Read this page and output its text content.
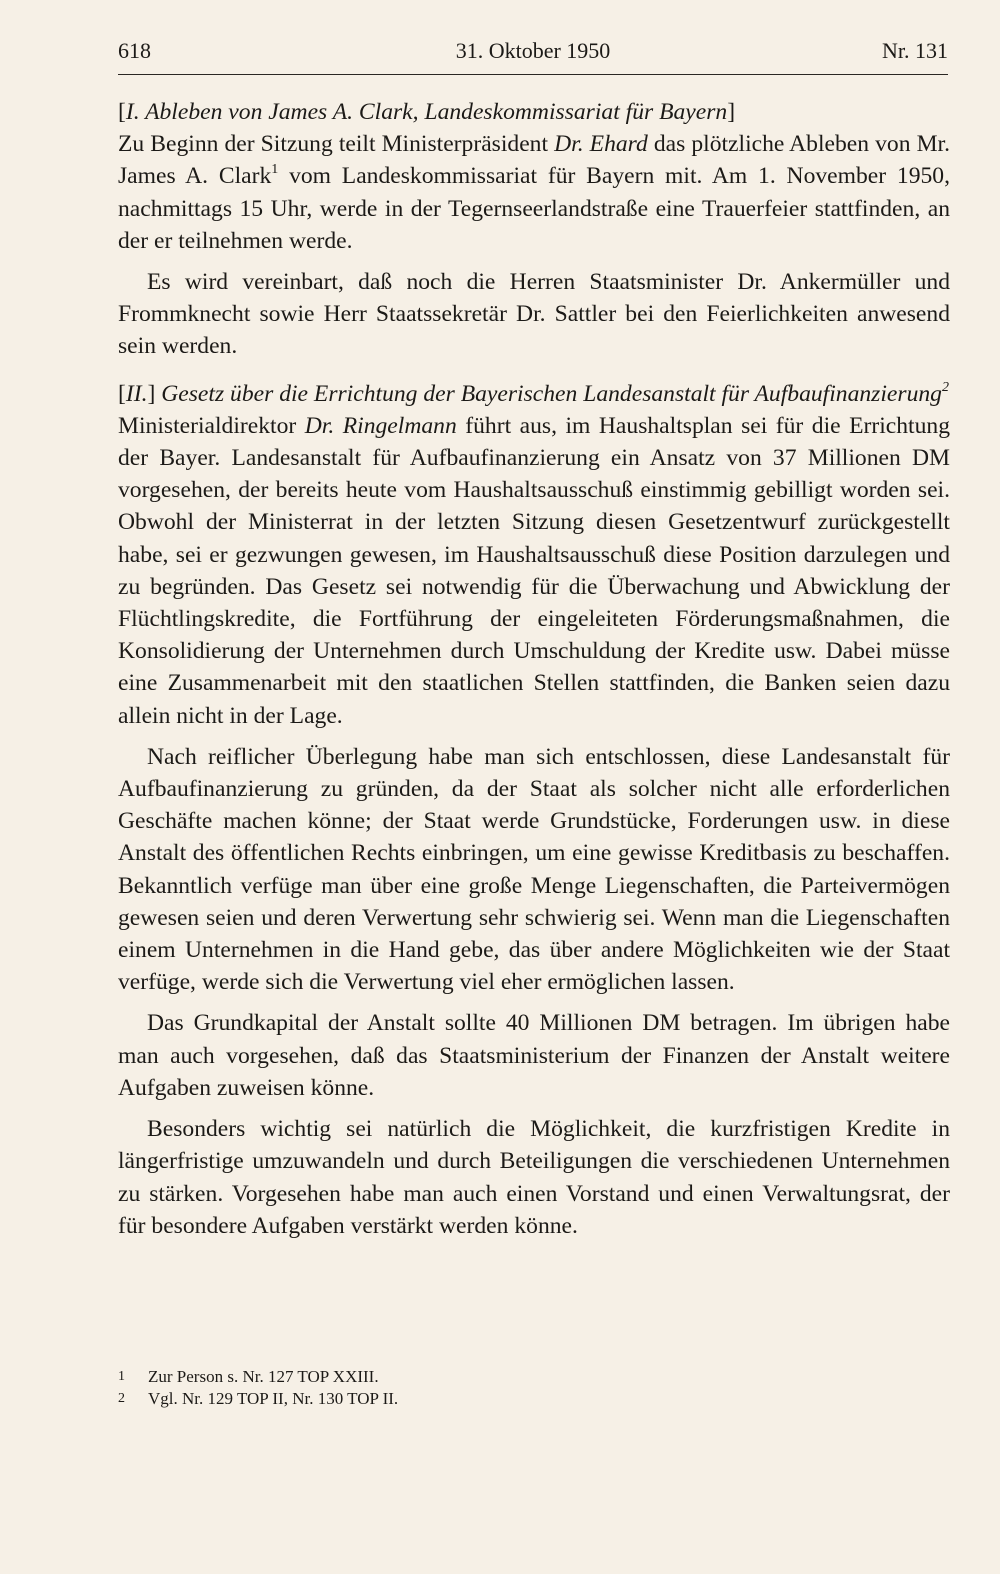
618	31. Oktober 1950	Nr. 131

[I. Ableben von James A. Clark, Landeskommissariat für Bayern]

Zu Beginn der Sitzung teilt Ministerpräsident Dr. Ehard das plötzliche Ableben von Mr. James A. Clark$^1$ vom Landeskommissariat für Bayern mit. Am 1. November 1950, nachmittags 15 Uhr, werde in der Tegernseerlandstraße eine Trauerfeier stattfinden, an der er teilnehmen werde.

Es wird vereinbart, daß noch die Herren Staatsminister Dr. Ankermüller und Frommknecht sowie Herr Staatssekretär Dr. Sattler bei den Feierlichkeiten anwesend sein werden.

[II.] Gesetz über die Errichtung der Bayerischen Landesanstalt für Aufbaufinanzierung$^2$

Ministerialdirektor Dr. Ringelmann führt aus, im Haushaltsplan sei für die Errichtung der Bayer. Landesanstalt für Aufbaufinanzierung ein Ansatz von 37 Millionen DM vorgesehen, der bereits heute vom Haushaltsausschuß einstimmig gebilligt worden sei. Obwohl der Ministerrat in der letzten Sitzung diesen Gesetzentwurf zurückgestellt habe, sei er gezwungen gewesen, im Haushaltsausschuß diese Position darzulegen und zu begründen. Das Gesetz sei notwendig für die Überwachung und Abwicklung der Flüchtlingskredite, die Fortführung der eingeleiteten Förderungsmaßnahmen, die Konsolidierung der Unternehmen durch Umschuldung der Kredite usw. Dabei müsse eine Zusammenarbeit mit den staatlichen Stellen stattfinden, die Banken seien dazu allein nicht in der Lage.

Nach reiflicher Überlegung habe man sich entschlossen, diese Landesanstalt für Aufbaufinanzierung zu gründen, da der Staat als solcher nicht alle erforderlichen Geschäfte machen könne; der Staat werde Grundstücke, Forderungen usw. in diese Anstalt des öffentlichen Rechts einbringen, um eine gewisse Kreditbasis zu beschaffen. Bekanntlich verfüge man über eine große Menge Liegenschaften, die Parteivermögen gewesen seien und deren Verwertung sehr schwierig sei. Wenn man die Liegenschaften einem Unternehmen in die Hand gebe, das über andere Möglichkeiten wie der Staat verfüge, werde sich die Verwertung viel eher ermöglichen lassen.

Das Grundkapital der Anstalt sollte 40 Millionen DM betragen. Im übrigen habe man auch vorgesehen, daß das Staatsministerium der Finanzen der Anstalt weitere Aufgaben zuweisen könne.

Besonders wichtig sei natürlich die Möglichkeit, die kurzfristigen Kredite in längerfristige umzuwandeln und durch Beteiligungen die verschiedenen Unternehmen zu stärken. Vorgesehen habe man auch einen Vorstand und einen Verwaltungsrat, der für besondere Aufgaben verstärkt werden könne.

1	Zur Person s. Nr. 127 TOP XXIII.
2	Vgl. Nr. 129 TOP II, Nr. 130 TOP II.
